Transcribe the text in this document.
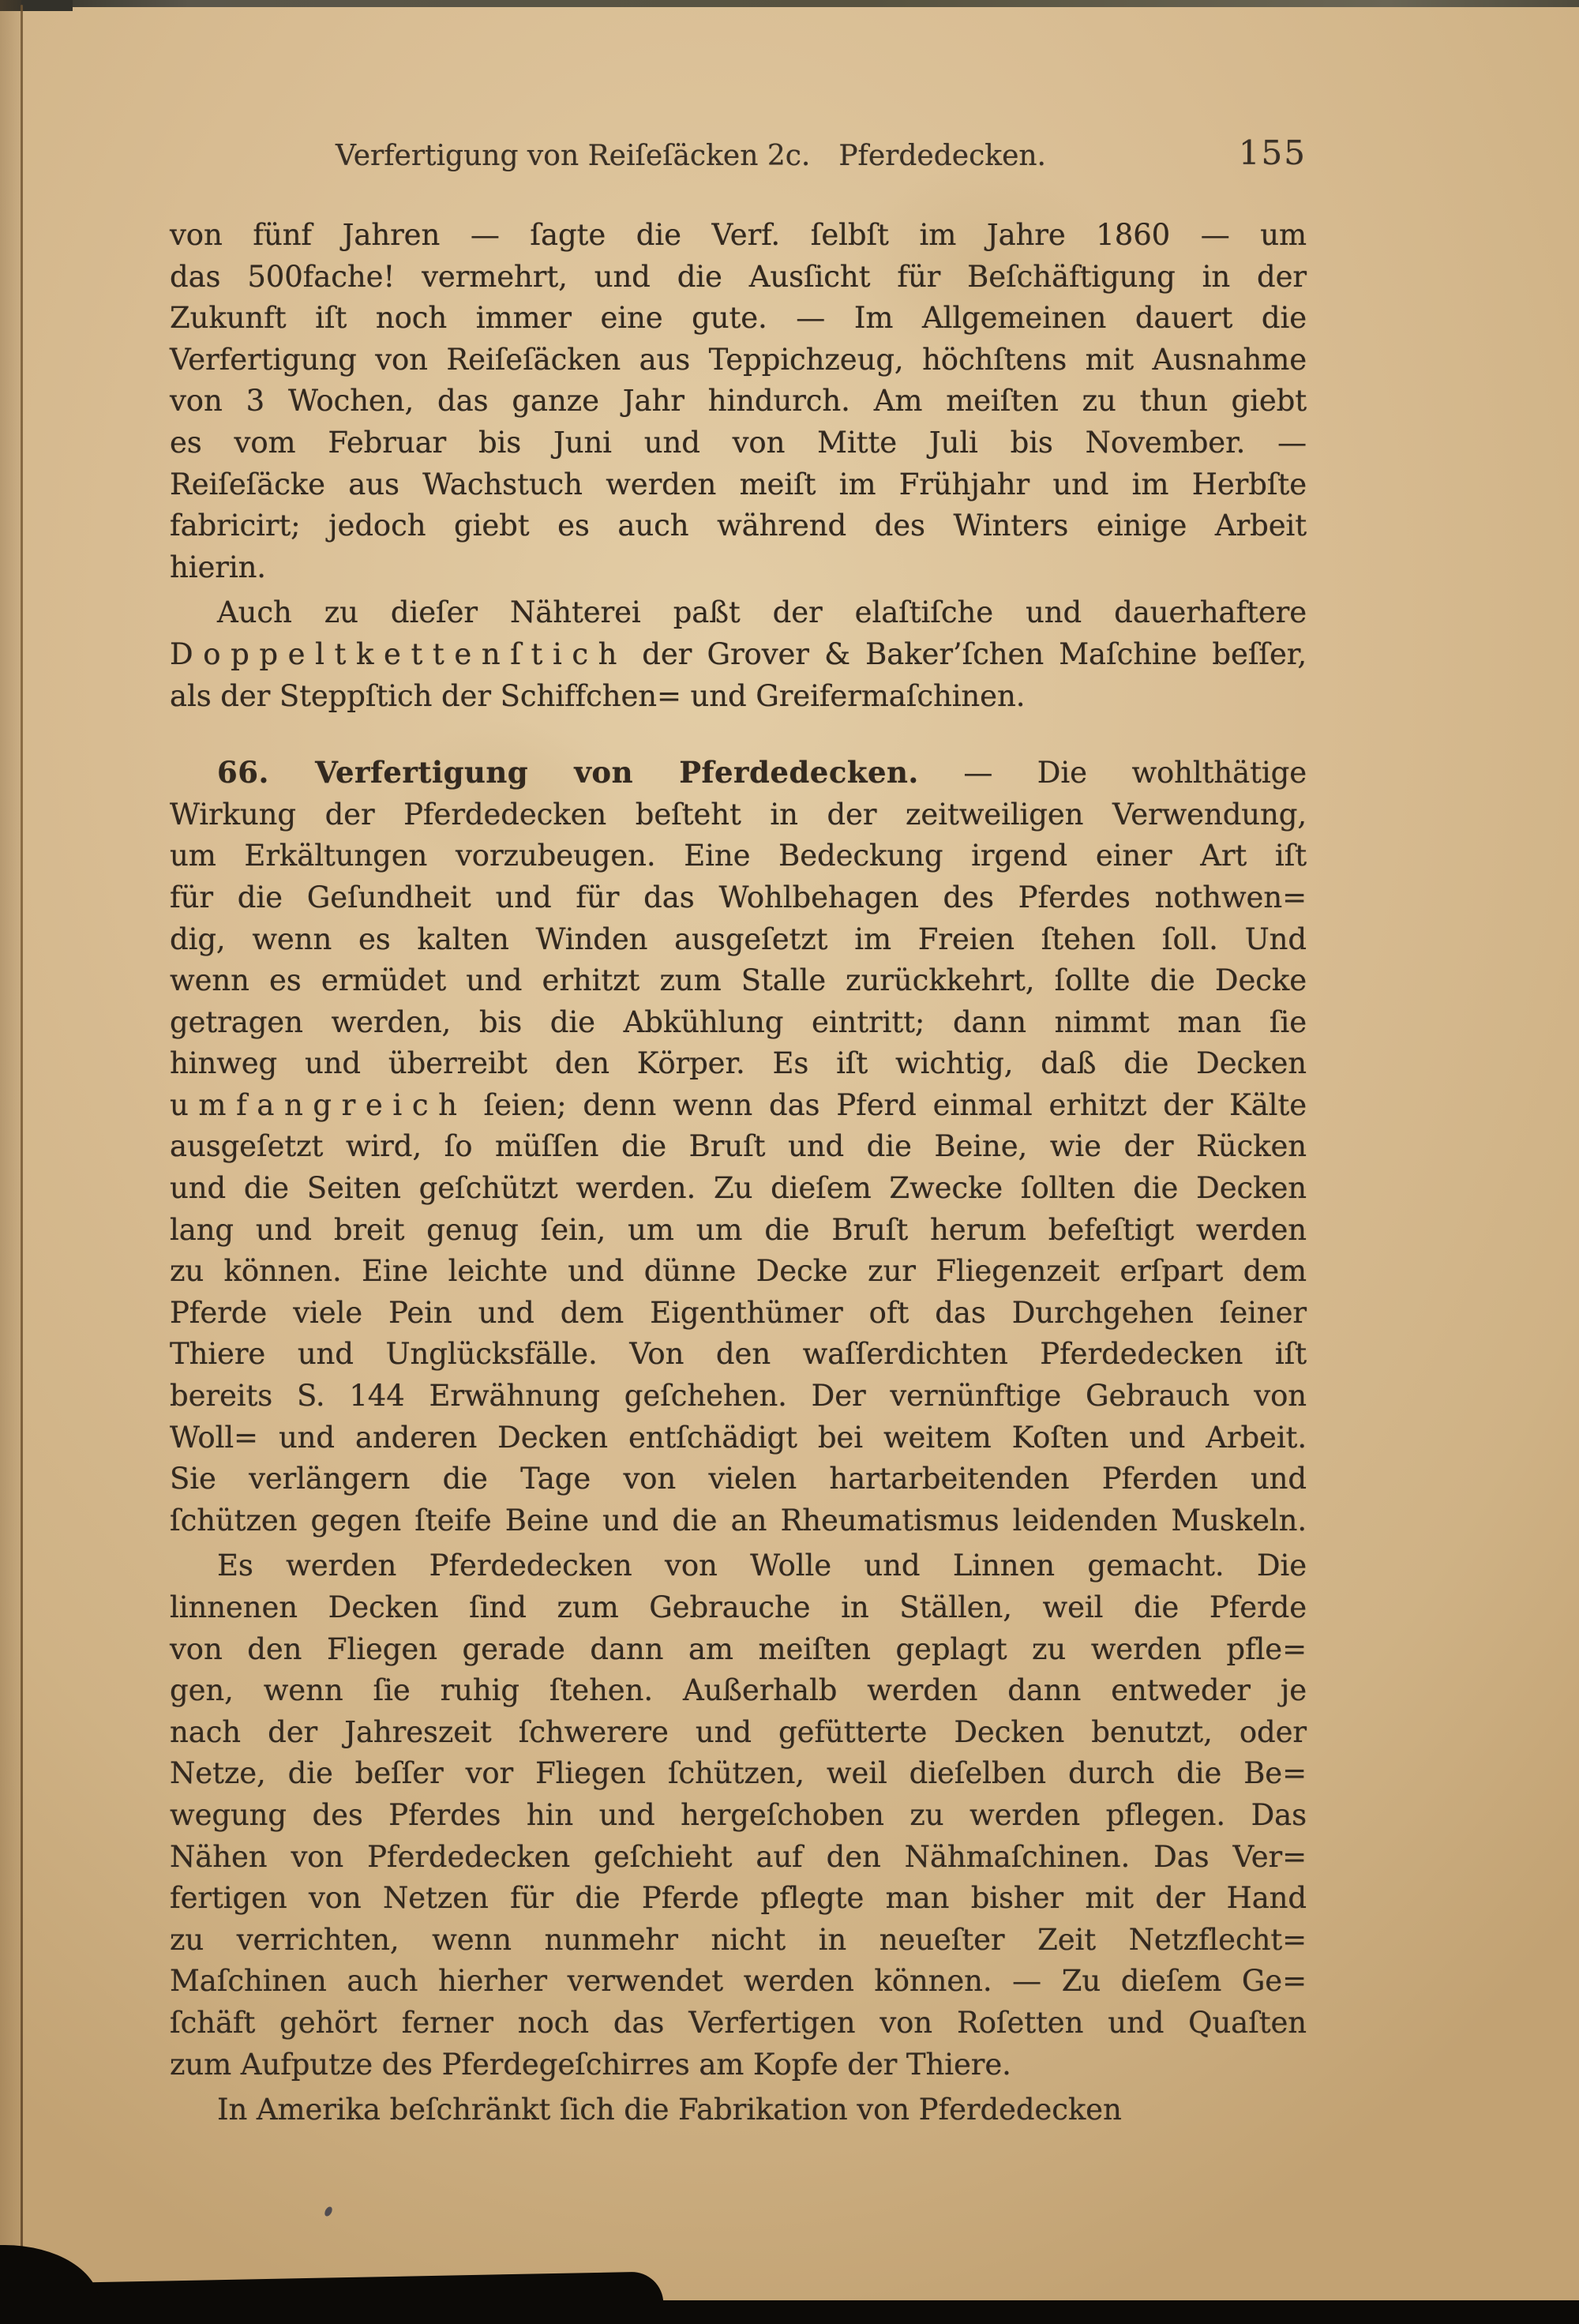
Verfertigung von Reiſeſäcken 2c.  Pferdedecken.	155
von fünf Jahren — ſagte die Verf. ſelbſt im Jahre 1860 — um
das 500fache! vermehrt, und die Ausſicht für Beſchäftigung in der
Zukunft iſt noch immer eine gute. — Im Allgemeinen dauert die
Verfertigung von Reiſeſäcken aus Teppichzeug, höchſtens mit Ausnahme
von 3 Wochen, das ganze Jahr hindurch. Am meiſten zu thun giebt
es vom Februar bis Juni und von Mitte Juli bis November. —
Reiſeſäcke aus Wachstuch werden meiſt im Frühjahr und im Herbſte
fabricirt; jedoch giebt es auch während des Winters einige Arbeit
hierin.
Auch zu dieſer Nähterei paßt der elaſtiſche und dauerhaftere
Doppeltkettenſtich der Grover & Baker’ſchen Maſchine beſſer,
als der Steppſtich der Schiffchen= und Greifermaſchinen.
66. Verfertigung von Pferdedecken. — Die wohlthätige
Wirkung der Pferdedecken beſteht in der zeitweiligen Verwendung,
um Erkältungen vorzubeugen. Eine Bedeckung irgend einer Art iſt
für die Geſundheit und für das Wohlbehagen des Pferdes nothwen=
dig, wenn es kalten Winden ausgeſetzt im Freien ſtehen ſoll. Und
wenn es ermüdet und erhitzt zum Stalle zurückkehrt, ſollte die Decke
getragen werden, bis die Abkühlung eintritt; dann nimmt man ſie
hinweg und überreibt den Körper. Es iſt wichtig, daß die Decken
umfangreich ſeien; denn wenn das Pferd einmal erhitzt der Kälte
ausgeſetzt wird, ſo müſſen die Bruſt und die Beine, wie der Rücken
und die Seiten geſchützt werden. Zu dieſem Zwecke ſollten die Decken
lang und breit genug ſein, um um die Bruſt herum befeſtigt werden
zu können. Eine leichte und dünne Decke zur Fliegenzeit erſpart dem
Pferde viele Pein und dem Eigenthümer oft das Durchgehen ſeiner
Thiere und Unglücksfälle. Von den waſſerdichten Pferdedecken iſt
bereits S. 144 Erwähnung geſchehen. Der vernünftige Gebrauch von
Woll= und anderen Decken entſchädigt bei weitem Koſten und Arbeit.
Sie verlängern die Tage von vielen hartarbeitenden Pferden und
ſchützen gegen ſteife Beine und die an Rheumatismus leidenden Muskeln.
Es werden Pferdedecken von Wolle und Linnen gemacht. Die
linnenen Decken ſind zum Gebrauche in Ställen, weil die Pferde
von den Fliegen gerade dann am meiſten geplagt zu werden pfle=
gen, wenn ſie ruhig ſtehen. Außerhalb werden dann entweder je
nach der Jahreszeit ſchwerere und gefütterte Decken benutzt, oder
Netze, die beſſer vor Fliegen ſchützen, weil dieſelben durch die Be=
wegung des Pferdes hin und hergeſchoben zu werden pflegen. Das
Nähen von Pferdedecken geſchieht auf den Nähmaſchinen. Das Ver=
fertigen von Netzen für die Pferde pflegte man bisher mit der Hand
zu verrichten, wenn nunmehr nicht in neueſter Zeit Netzflecht=
Maſchinen auch hierher verwendet werden können. — Zu dieſem Ge=
ſchäft gehört ferner noch das Verfertigen von Roſetten und Quaſten
zum Aufputze des Pferdegeſchirres am Kopfe der Thiere.
In Amerika beſchränkt ſich die Fabrikation von Pferdedecken
